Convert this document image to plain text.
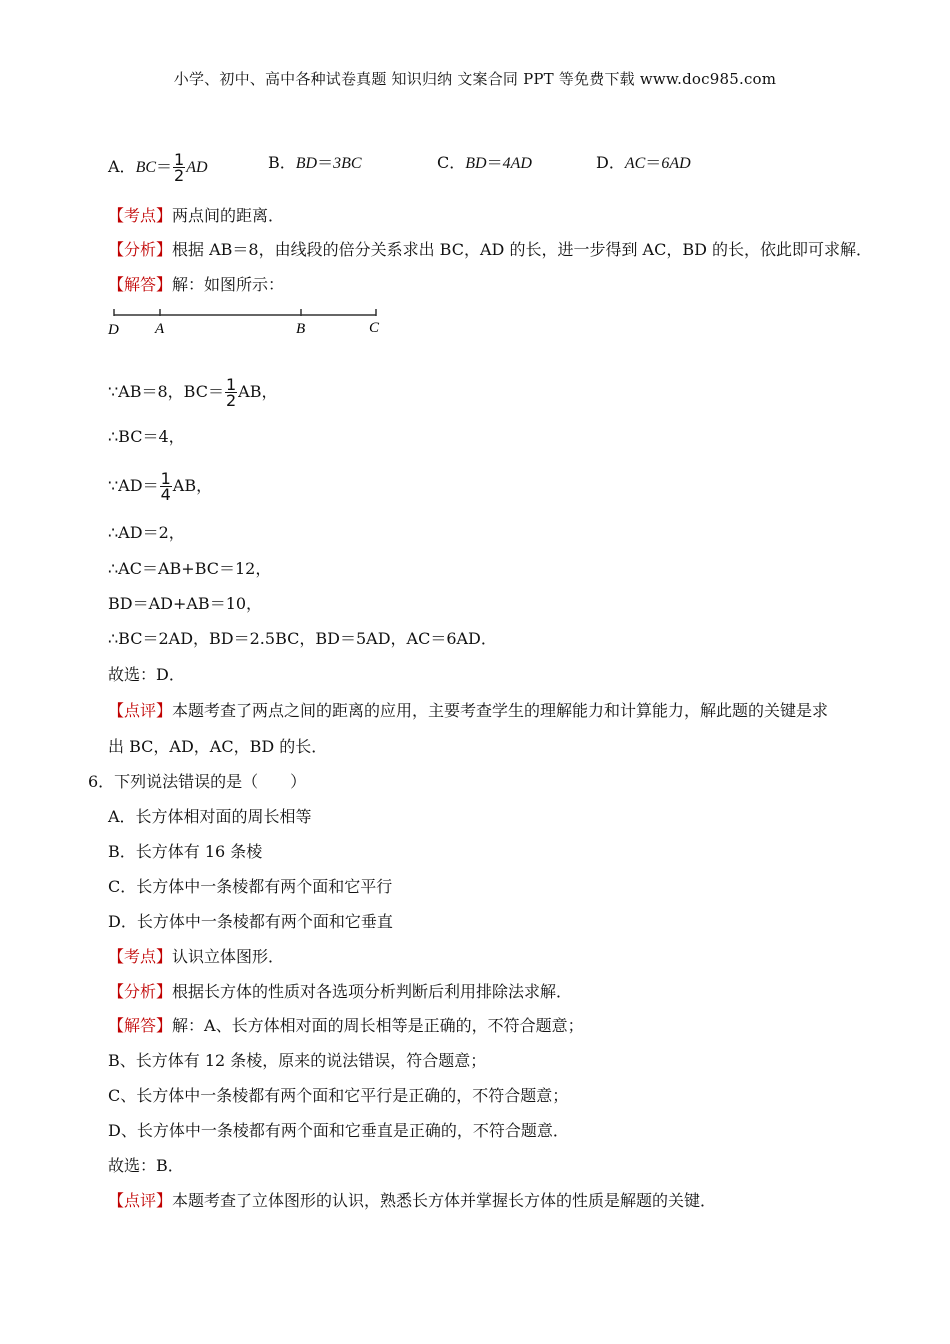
小学、初中、高中各种试卷真题 知识归纳 文案合同 PPT 等免费下载 www.doc985.com
A．$BC= \frac{1}{2}$ AD	B．BD＝3BC	C．BD＝4AD	D．AC＝6AD
【考点】两点间的距离．
【分析】根据 AB＝8，由线段的倍分关系求出 BC，AD 的长，进一步得到 AC，BD 的长，依此即可求解．
【解答】解：如图所示：
D A	B	C
∵AB＝8，$BC= \frac{1}{2}$ AB，
∴BC＝4，
∵AD＝ $\frac{1}{4}$ AB，
∴AD＝2，
∴AC＝AB+BC＝12，
BD＝AD+AB＝10，
∴BC＝2AD，BD＝2.5BC，BD＝5AD，AC＝6AD．
故选：D．
【点评】本题考查了两点之间的距离的应用，主要考查学生的理解能力和计算能力，解此题的关键是求
出 BC，AD，AC，BD 的长．
6．下列说法错误的是（　　）
A．长方体相对面的周长相等
B．长方体有 16 条棱
C．长方体中一条棱都有两个面和它平行
D．长方体中一条棱都有两个面和它垂直
【考点】认识立体图形．
【分析】根据长方体的性质对各选项分析判断后利用排除法求解．
【解答】解：A、长方体相对面的周长相等是正确的，不符合题意；
B、长方体有 12 条棱，原来的说法错误，符合题意；
C、长方体中一条棱都有两个面和它平行是正确的，不符合题意；
D、长方体中一条棱都有两个面和它垂直是正确的，不符合题意．
故选：B．
【点评】本题考查了立体图形的认识，熟悉长方体并掌握长方体的性质是解题的关键．
